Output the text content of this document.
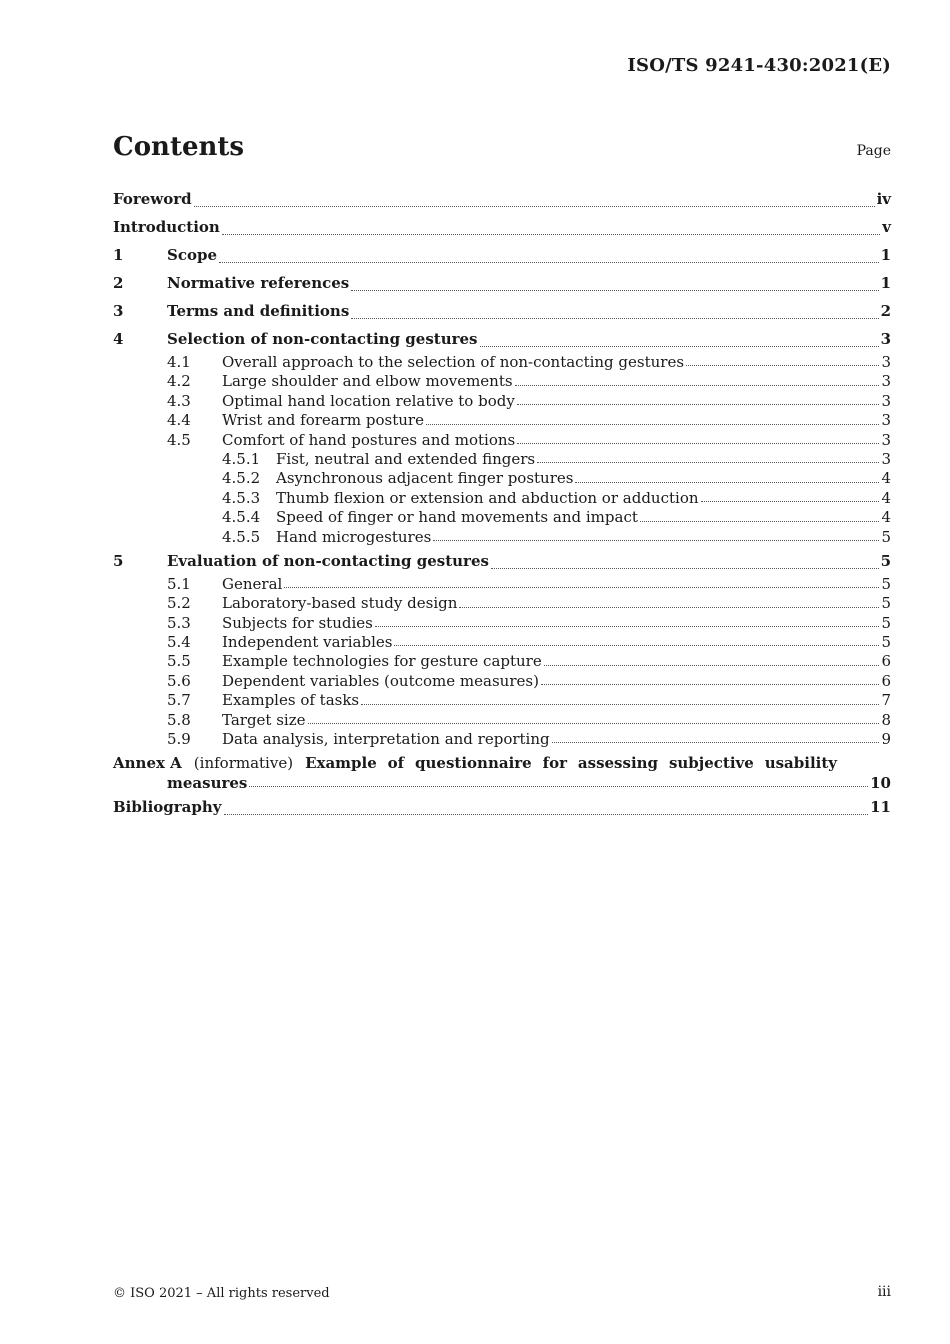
ISO/TS 9241-430:2021(E)
Contents	Page
Foreword	iv
Introduction	v
1	Scope	1
2	Normative references	1
3	Terms and definitions	2
4	Selection of non-contacting gestures	3
4.1	Overall approach to the selection of non-contacting gestures	3
4.2	Large shoulder and elbow movements	3
4.3	Optimal hand location relative to body	3
4.4	Wrist and forearm posture	3
4.5	Comfort of hand postures and motions	3
4.5.1	Fist, neutral and extended fingers	3
4.5.2	Asynchronous adjacent finger postures	4
4.5.3	Thumb flexion or extension and abduction or adduction	4
4.5.4	Speed of finger or hand movements and impact	4
4.5.5	Hand microgestures	5
5	Evaluation of non-contacting gestures	5
5.1	General	5
5.2	Laboratory-based study design	5
5.3	Subjects for studies	5
5.4	Independent variables	5
5.5	Example technologies for gesture capture	6
5.6	Dependent variables (outcome measures)	6
5.7	Examples of tasks	7
5.8	Target size	8
5.9	Data analysis, interpretation and reporting	9
Annex A (informative) Example of questionnaire for assessing subjective usability
measures	10
Bibliography	11
© ISO 2021 – All rights reserved	iii
